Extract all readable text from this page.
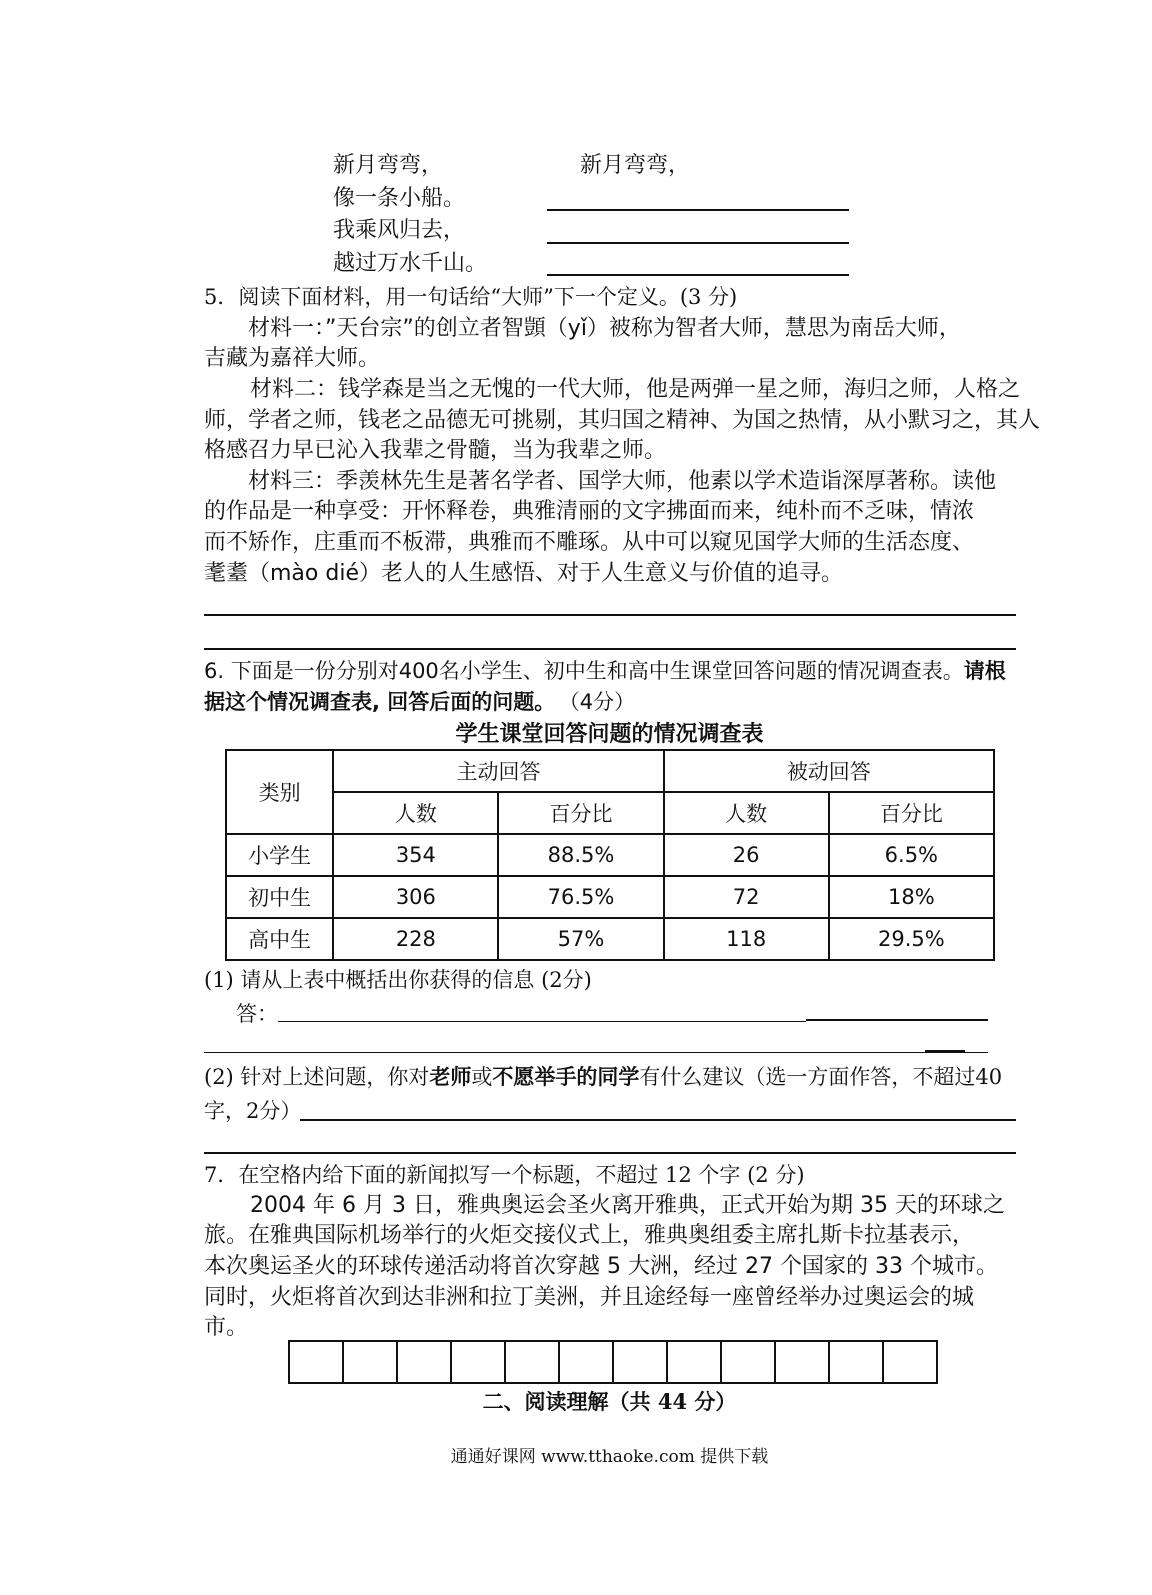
新月弯弯，
像一条小船。
我乘风归去，
越过万水千山。
新月弯弯，
5．阅读下面材料，用一句话给“大师”下一个定义。(3 分)
材料一：”天台宗”的创立者智顗（yǐ）被称为智者大师，慧思为南岳大师，
吉藏为嘉祥大师。
材料二：钱学森是当之无愧的一代大师，他是两弹一星之师，海归之师，人格之
师，学者之师，钱老之品德无可挑剔，其归国之精神、为国之热情，从小默习之，其人
格感召力早已沁入我辈之骨髓，当为我辈之师。
材料三：季羡林先生是著名学者、国学大师，他素以学术造诣深厚著称。读他
的作品是一种享受：开怀释卷，典雅清丽的文字拂面而来，纯朴而不乏味，情浓
而不矫作，庄重而不板滞，典雅而不雕琢。从中可以窥见国学大师的生活态度、
耄耋（mào dié）老人的人生感悟、对于人生意义与价值的追寻。
6. 下面是一份分别对400名小学生、初中生和高中生课堂回答问题的情况调查表。请根
据这个情况调查表, 回答后面的问题。 （4分）
学生课堂回答问题的情况调查表
类别	主动回答		被动回答	
	人数	百分比	人数	百分比
小学生	354	88.5%	26	6.5%
初中生	306	76.5%	72	18%
高中生	228	57%	118	29.5%
(1) 请从上表中概括出你获得的信息 (2分)
答：
(2) 针对上述问题，你对老师或不愿举手的同学有什么建议（选一方面作答，不超过40
字，2分）
7．在空格内给下面的新闻拟写一个标题，不超过 12 个字 (2 分)
2004 年 6 月 3 日，雅典奥运会圣火离开雅典，正式开始为期 35 天的环球之
旅。在雅典国际机场举行的火炬交接仪式上，雅典奥组委主席扎斯卡拉基表示，
本次奥运圣火的环球传递活动将首次穿越 5 大洲，经过 27 个国家的 33 个城市。
同时，火炬将首次到达非洲和拉丁美洲，并且途经每一座曾经举办过奥运会的城
市。
二、阅读理解（共 44 分）
通通好课网 www.tthaoke.com 提供下载
